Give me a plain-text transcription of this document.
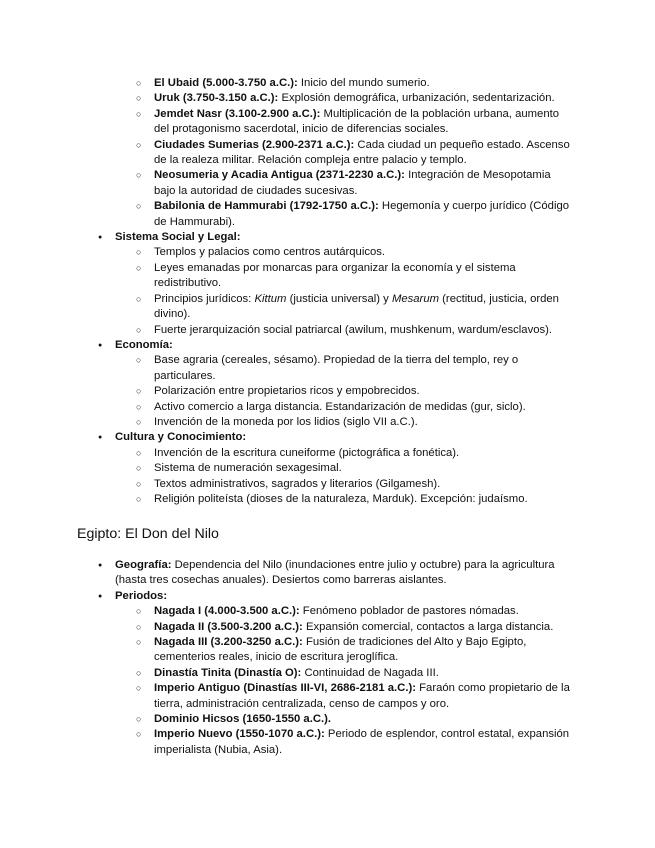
○ El Ubaid (5.000-3.750 a.C.): Inicio del mundo sumerio.
○ Uruk (3.750-3.150 a.C.): Explosión demográfica, urbanización, sedentarización.
○ Jemdet Nasr (3.100-2.900 a.C.): Multiplicación de la población urbana, aumento del protagonismo sacerdotal, inicio de diferencias sociales.
○ Ciudades Sumerias (2.900-2371 a.C.): Cada ciudad un pequeño estado. Ascenso de la realeza militar. Relación compleja entre palacio y templo.
○ Neosumeria y Acadia Antigua (2371-2230 a.C.): Integración de Mesopotamia bajo la autoridad de ciudades sucesivas.
○ Babilonia de Hammurabi (1792-1750 a.C.): Hegemonía y cuerpo jurídico (Código de Hammurabi).
● Sistema Social y Legal:
○ Templos y palacios como centros autárquicos.
○ Leyes emanadas por monarcas para organizar la economía y el sistema redistributivo.
○ Principios jurídicos: Kittum (justicia universal) y Mesarum (rectitud, justicia, orden divino).
○ Fuerte jerarquización social patriarcal (awilum, mushkenum, wardum/esclavos).
● Economía:
○ Base agraria (cereales, sésamo). Propiedad de la tierra del templo, rey o particulares.
○ Polarización entre propietarios ricos y empobrecidos.
○ Activo comercio a larga distancia. Estandarización de medidas (gur, siclo).
○ Invención de la moneda por los lidios (siglo VII a.C.).
● Cultura y Conocimiento:
○ Invención de la escritura cuneiforme (pictográfica a fonética).
○ Sistema de numeración sexagesimal.
○ Textos administrativos, sagrados y literarios (Gilgamesh).
○ Religión politeísta (dioses de la naturaleza, Marduk). Excepción: judaísmo.
Egipto: El Don del Nilo
● Geografía: Dependencia del Nilo (inundaciones entre julio y octubre) para la agricultura (hasta tres cosechas anuales). Desiertos como barreras aislantes.
● Periodos:
○ Nagada I (4.000-3.500 a.C.): Fenómeno poblador de pastores nómadas.
○ Nagada II (3.500-3.200 a.C.): Expansión comercial, contactos a larga distancia.
○ Nagada III (3.200-3250 a.C.): Fusión de tradiciones del Alto y Bajo Egipto, cementerios reales, inicio de escritura jeroglífica.
○ Dinastía Tinita (Dinastía O): Continuidad de Nagada III.
○ Imperio Antiguo (Dinastías III-VI, 2686-2181 a.C.): Faraón como propietario de la tierra, administración centralizada, censo de campos y oro.
○ Dominio Hicsos (1650-1550 a.C.).
○ Imperio Nuevo (1550-1070 a.C.): Periodo de esplendor, control estatal, expansión imperialista (Nubia, Asia).
